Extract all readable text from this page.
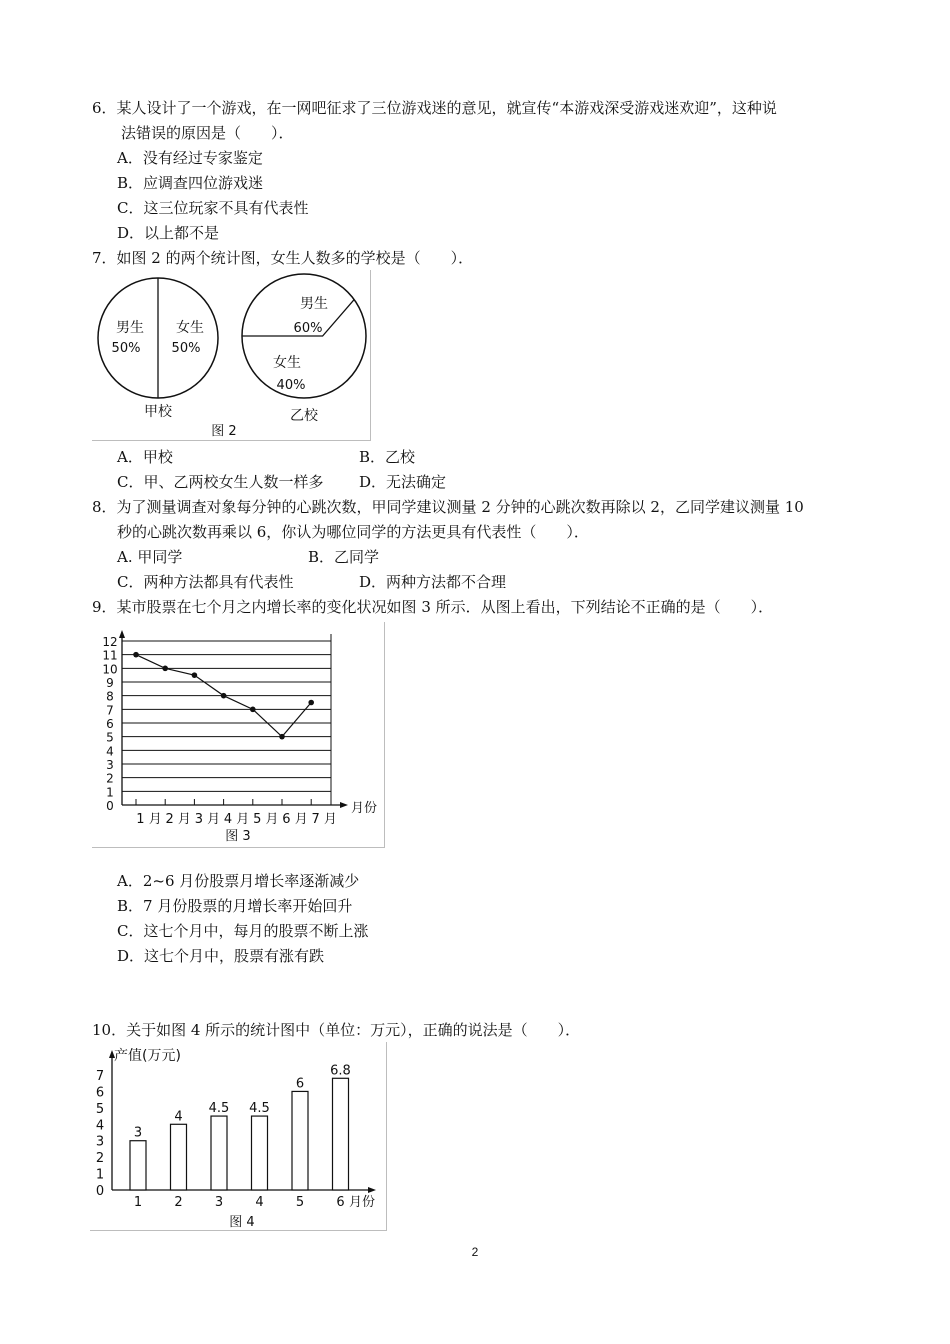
6．某人设计了一个游戏，在一网吧征求了三位游戏迷的意见，就宣传“本游戏深受游戏迷欢迎”，这种说
法错误的原因是（　　）．
A．没有经过专家鉴定
B．应调查四位游戏迷
C．这三位玩家不具有代表性
D．以上都不是
7．如图 2 的两个统计图，女生人数多的学校是（　　）．
男生
50%
女生
50%
甲校
男生
60%
女生
40%
乙校
图 2
A．甲校	B．乙校
C．甲、乙两校女生人数一样多 D．无法确定
8．为了测量调查对象每分钟的心跳次数，甲同学建议测量 2 分钟的心跳次数再除以 2，乙同学建议测量 10
秒的心跳次数再乘以 6，你认为哪位同学的方法更具有代表性（　　）．
A. 甲同学	B．乙同学
C．两种方法都具有代表性	D．两种方法都不合理
9．某市股票在七个月之内增长率的变化状况如图 3 所示．从图上看出，下列结论不正确的是（　　）．
0
1
2
3
4
5
6
7
8
9
10
11
12
1 月 2 月 3 月 4 月 5 月 6 月 7 月
月份
图 3
A．2~6 月份股票月增长率逐渐减少
B．7 月份股票的月增长率开始回升
C．这七个月中，每月的股票不断上涨
D．这七个月中，股票有涨有跌
10．关于如图 4 所示的统计图中（单位：万元），正确的说法是（　　）．
0
1
2
3
4
5
6
7
产值(万元)
3
4
4.5 4.5
6
6.8
1 2 3 4 5 6 月份
图 4
2
